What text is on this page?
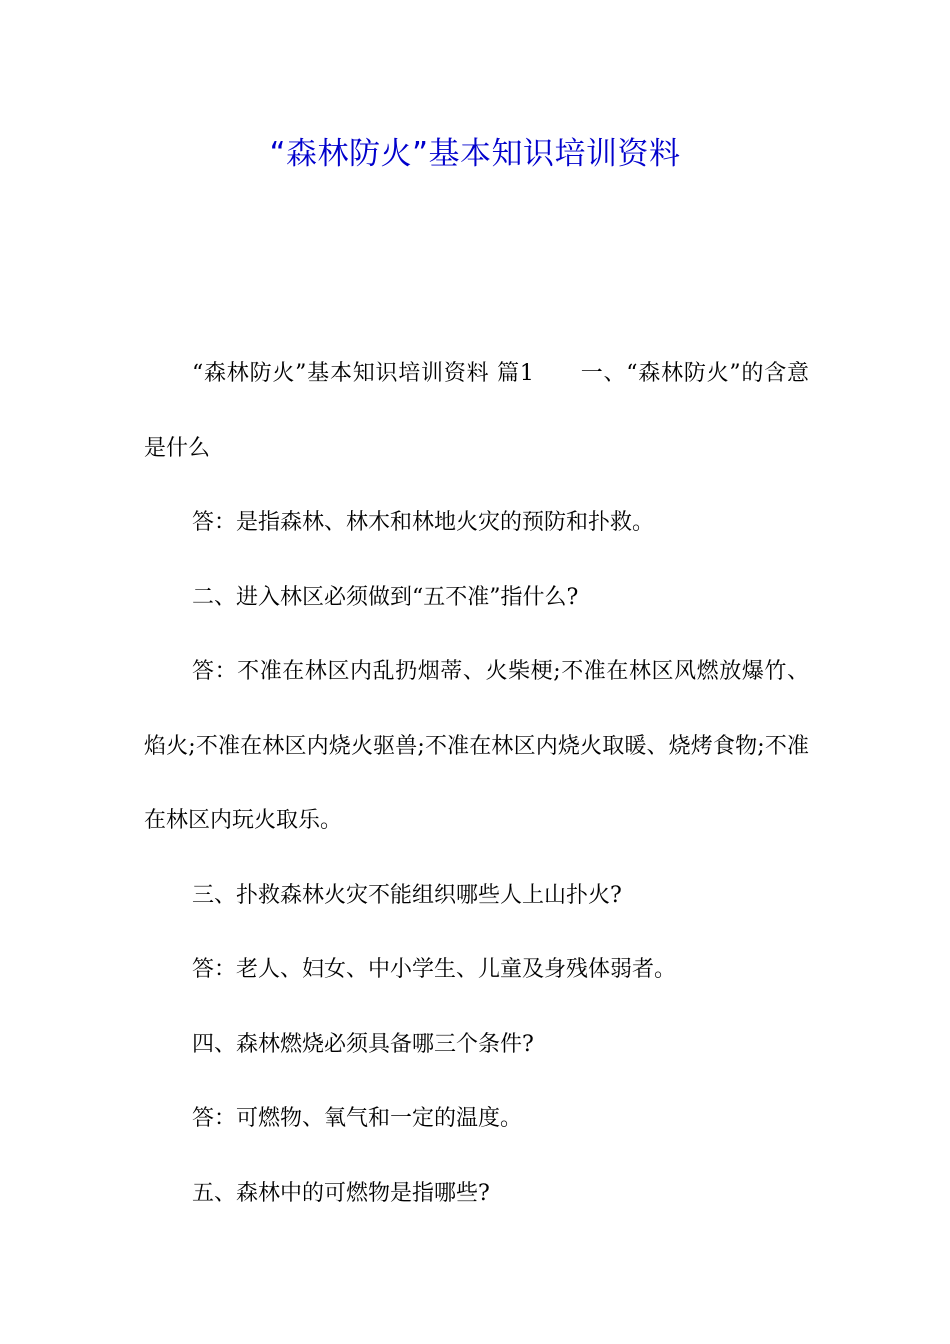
“森林防火”基本知识培训资料

“森林防火”基本知识培训资料 篇1 一、“森林防火”的含意是什么

答：是指森林、林木和林地火灾的预防和扑救。

二、进入林区必须做到“五不准”指什么?

答：不准在林区内乱扔烟蒂、火柴梗;不准在林区风燃放爆竹、焰火;不准在林区内烧火驱兽;不准在林区内烧火取暖、烧烤食物;不准在林区内玩火取乐。

三、扑救森林火灾不能组织哪些人上山扑火?

答：老人、妇女、中小学生、儿童及身残体弱者。

四、森林燃烧必须具备哪三个条件?

答：可燃物、氧气和一定的温度。

五、森林中的可燃物是指哪些?
